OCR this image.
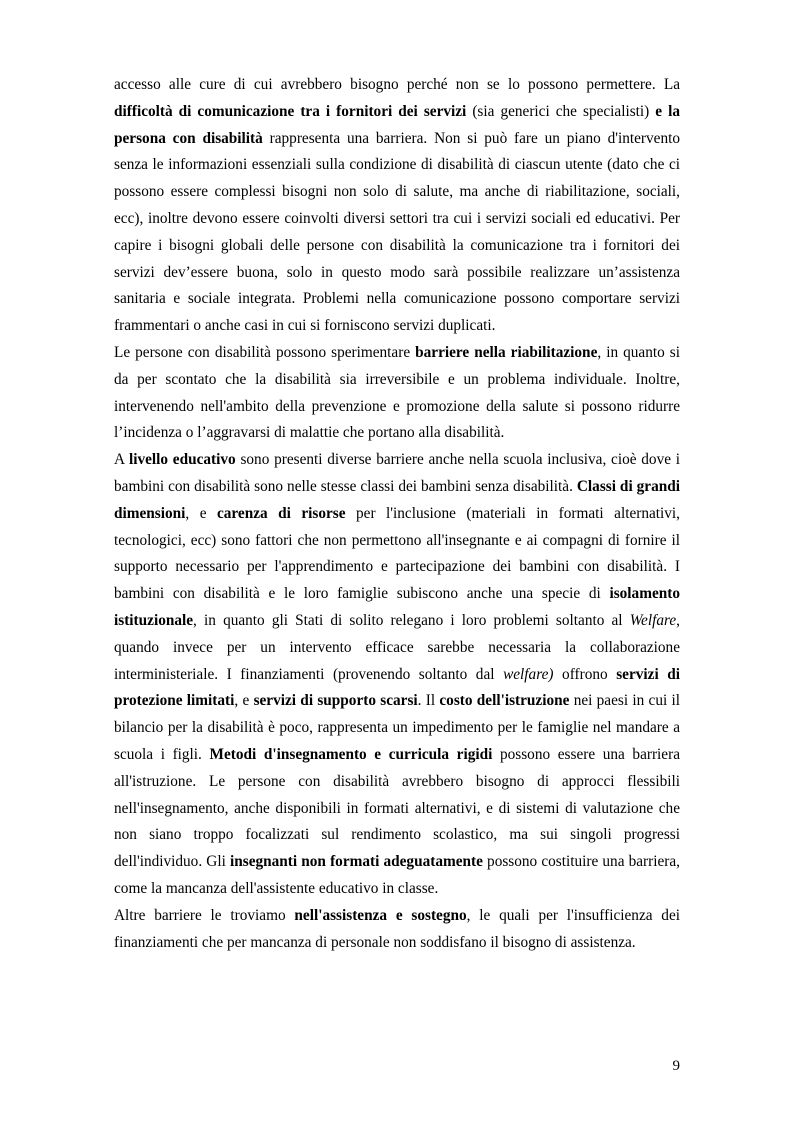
accesso alle cure di cui avrebbero bisogno perché non se lo possono permettere. La difficoltà di comunicazione tra i fornitori dei servizi (sia generici che specialisti) e la persona con disabilità rappresenta una barriera. Non si può fare un piano d'intervento senza le informazioni essenziali sulla condizione di disabilità di ciascun utente (dato che ci possono essere complessi bisogni non solo di salute, ma anche di riabilitazione, sociali, ecc), inoltre devono essere coinvolti diversi settori tra cui i servizi sociali ed educativi. Per capire i bisogni globali delle persone con disabilità la comunicazione tra i fornitori dei servizi dev’essere buona, solo in questo modo sarà possibile realizzare un’assistenza sanitaria e sociale integrata. Problemi nella comunicazione possono comportare servizi frammentari o anche casi in cui si forniscono servizi duplicati.

Le persone con disabilità possono sperimentare barriere nella riabilitazione, in quanto si da per scontato che la disabilità sia irreversibile e un problema individuale. Inoltre, intervenendo nell'ambito della prevenzione e promozione della salute si possono ridurre l’incidenza o l’aggravarsi di malattie che portano alla disabilità.

A livello educativo sono presenti diverse barriere anche nella scuola inclusiva, cioè dove i bambini con disabilità sono nelle stesse classi dei bambini senza disabilità. Classi di grandi dimensioni, e carenza di risorse per l'inclusione (materiali in formati alternativi, tecnologici, ecc) sono fattori che non permettono all'insegnante e ai compagni di fornire il supporto necessario per l'apprendimento e partecipazione dei bambini con disabilità. I bambini con disabilità e le loro famiglie subiscono anche una specie di isolamento istituzionale, in quanto gli Stati di solito relegano i loro problemi soltanto al Welfare, quando invece per un intervento efficace sarebbe necessaria la collaborazione interministeriale. I finanziamenti (provenendo soltanto dal welfare) offrono servizi di protezione limitati, e servizi di supporto scarsi. Il costo dell'istruzione nei paesi in cui il bilancio per la disabilità è poco, rappresenta un impedimento per le famiglie nel mandare a scuola i figli. Metodi d'insegnamento e curricula rigidi possono essere una barriera all'istruzione. Le persone con disabilità avrebbero bisogno di approcci flessibili nell'insegnamento, anche disponibili in formati alternativi, e di sistemi di valutazione che non siano troppo focalizzati sul rendimento scolastico, ma sui singoli progressi dell'individuo. Gli insegnanti non formati adeguatamente possono costituire una barriera, come la mancanza dell'assistente educativo in classe.

Altre barriere le troviamo nell'assistenza e sostegno, le quali per l'insufficienza dei finanziamenti che per mancanza di personale non soddisfano il bisogno di assistenza.

9
